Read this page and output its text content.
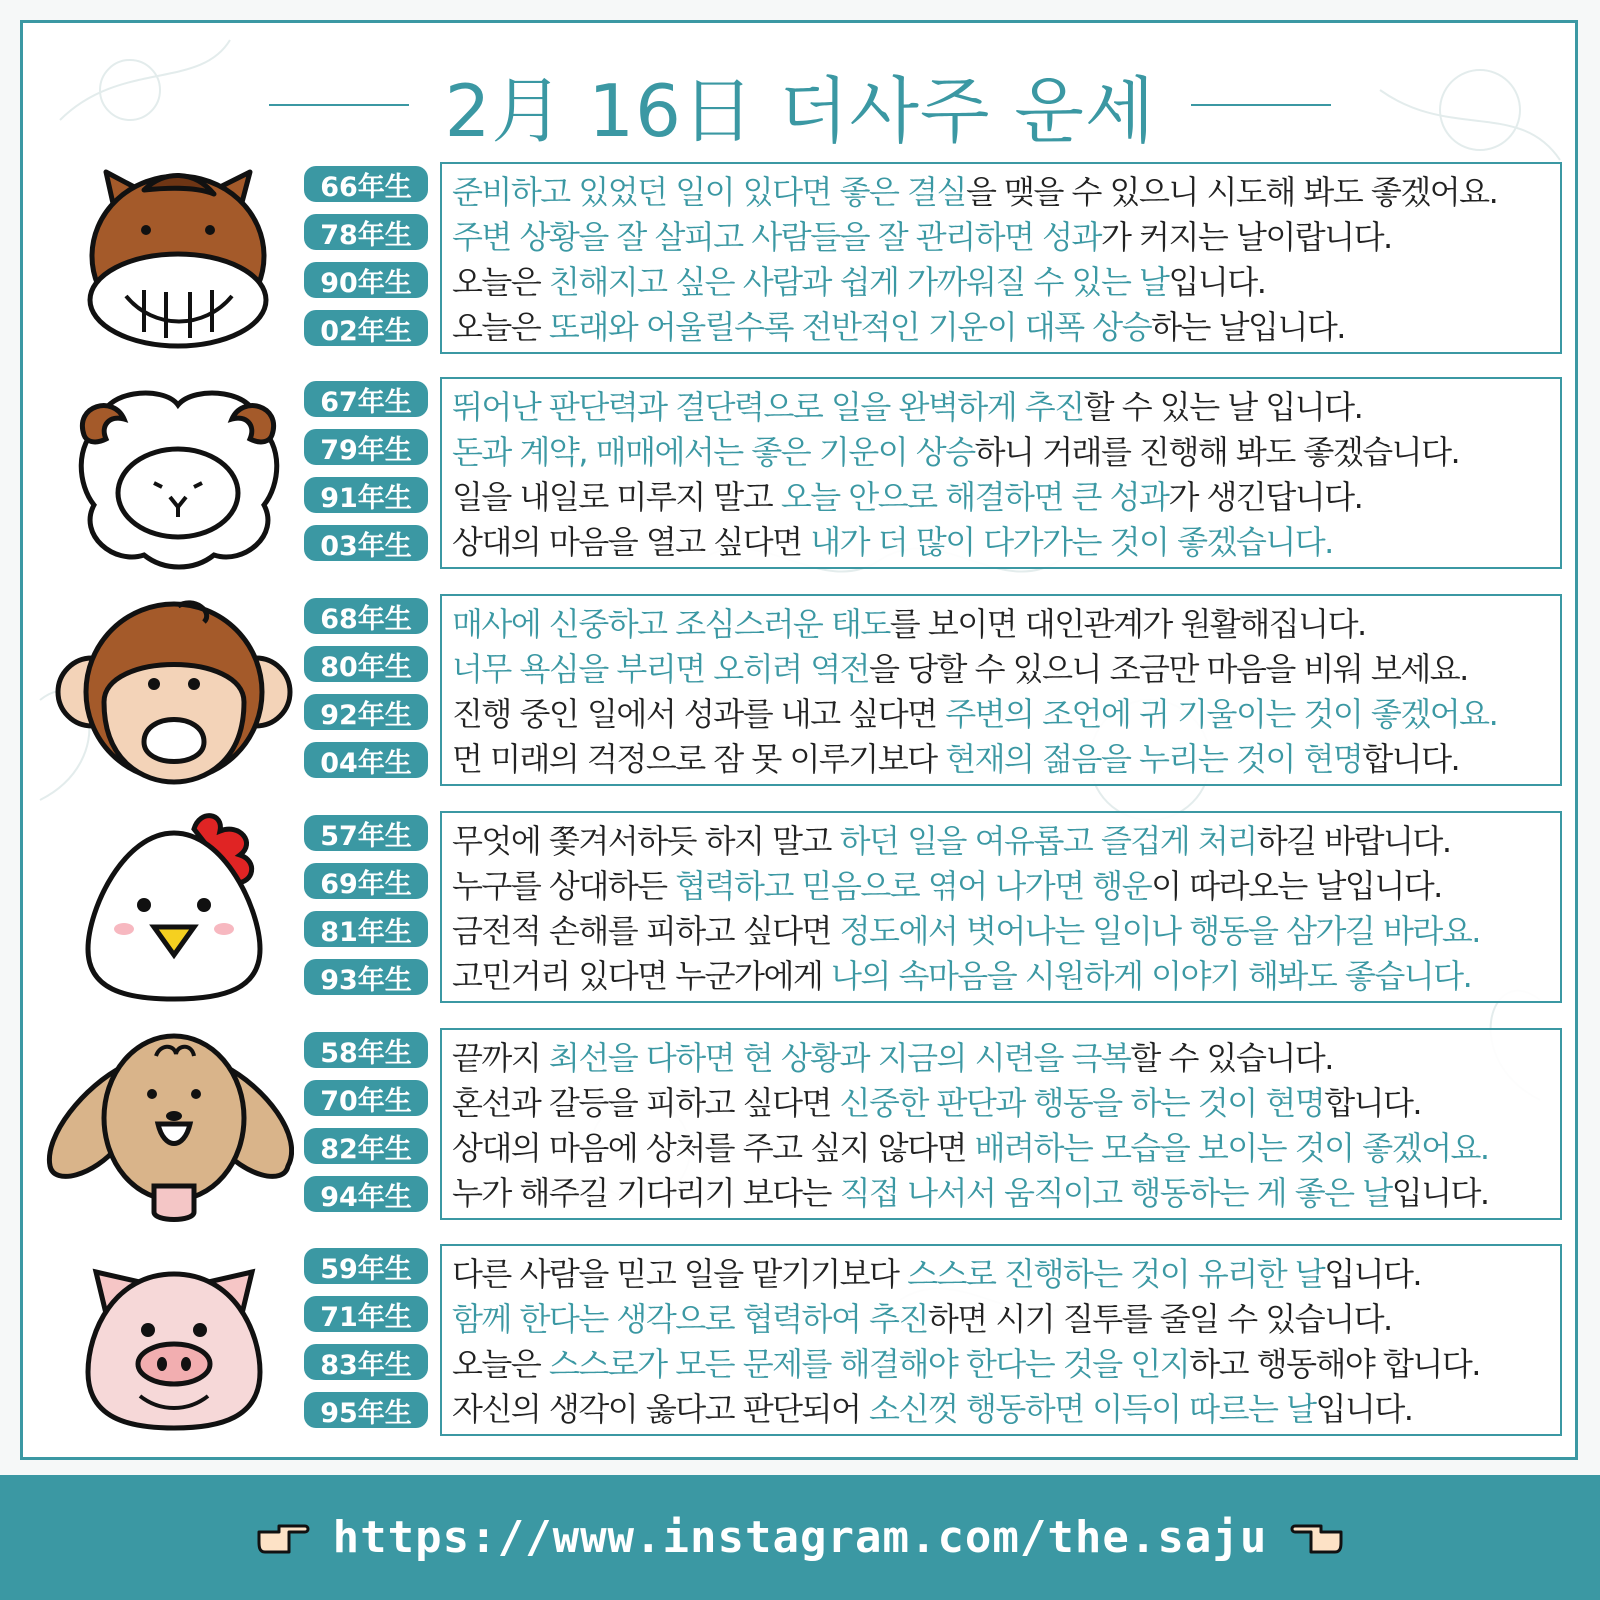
2月 16日 더사주 운세
66年生
78年生
90年生
02年生
준비하고 있었던 일이 있다면 좋은 결실을 맺을 수 있으니 시도해 봐도 좋겠어요.
주변 상황을 잘 살피고 사람들을 잘 관리하면 성과가 커지는 날이랍니다.
오늘은 친해지고 싶은 사람과 쉽게 가까워질 수 있는 날입니다.
오늘은 또래와 어울릴수록 전반적인 기운이 대폭 상승하는 날입니다.
67年生
79年生
91年生
03年生
뛰어난 판단력과 결단력으로 일을 완벽하게 추진할 수 있는 날 입니다.
돈과 계약, 매매에서는 좋은 기운이 상승하니 거래를 진행해 봐도 좋겠습니다.
일을 내일로 미루지 말고 오늘 안으로 해결하면 큰 성과가 생긴답니다.
상대의 마음을 열고 싶다면 내가 더 많이 다가가는 것이 좋겠습니다.
68年生
80年生
92年生
04年生
매사에 신중하고 조심스러운 태도를 보이면 대인관계가 원활해집니다.
너무 욕심을 부리면 오히려 역전을 당할 수 있으니 조금만 마음을 비워 보세요.
진행 중인 일에서 성과를 내고 싶다면 주변의 조언에 귀 기울이는 것이 좋겠어요.
먼 미래의 걱정으로 잠 못 이루기보다 현재의 젊음을 누리는 것이 현명합니다.
57年生
69年生
81年生
93年生
무엇에 쫓겨서하듯 하지 말고 하던 일을 여유롭고 즐겁게 처리하길 바랍니다.
누구를 상대하든 협력하고 믿음으로 엮어 나가면 행운이 따라오는 날입니다.
금전적 손해를 피하고 싶다면 정도에서 벗어나는 일이나 행동을 삼가길 바라요.
고민거리 있다면 누군가에게 나의 속마음을 시원하게 이야기 해봐도 좋습니다.
58年生
70年生
82年生
94年生
끝까지 최선을 다하면 현 상황과 지금의 시련을 극복할 수 있습니다.
혼선과 갈등을 피하고 싶다면 신중한 판단과 행동을 하는 것이 현명합니다.
상대의 마음에 상처를 주고 싶지 않다면 배려하는 모습을 보이는 것이 좋겠어요.
누가 해주길 기다리기 보다는 직접 나서서 움직이고 행동하는 게 좋은 날입니다.
59年生
71年生
83年生
95年生
다른 사람을 믿고 일을 맡기기보다 스스로 진행하는 것이 유리한 날입니다.
함께 한다는 생각으로 협력하여 추진하면 시기 질투를 줄일 수 있습니다.
오늘은 스스로가 모든 문제를 해결해야 한다는 것을 인지하고 행동해야 합니다.
자신의 생각이 옳다고 판단되어 소신껏 행동하면 이득이 따르는 날입니다.
https://www.instagram.com/the.saju
